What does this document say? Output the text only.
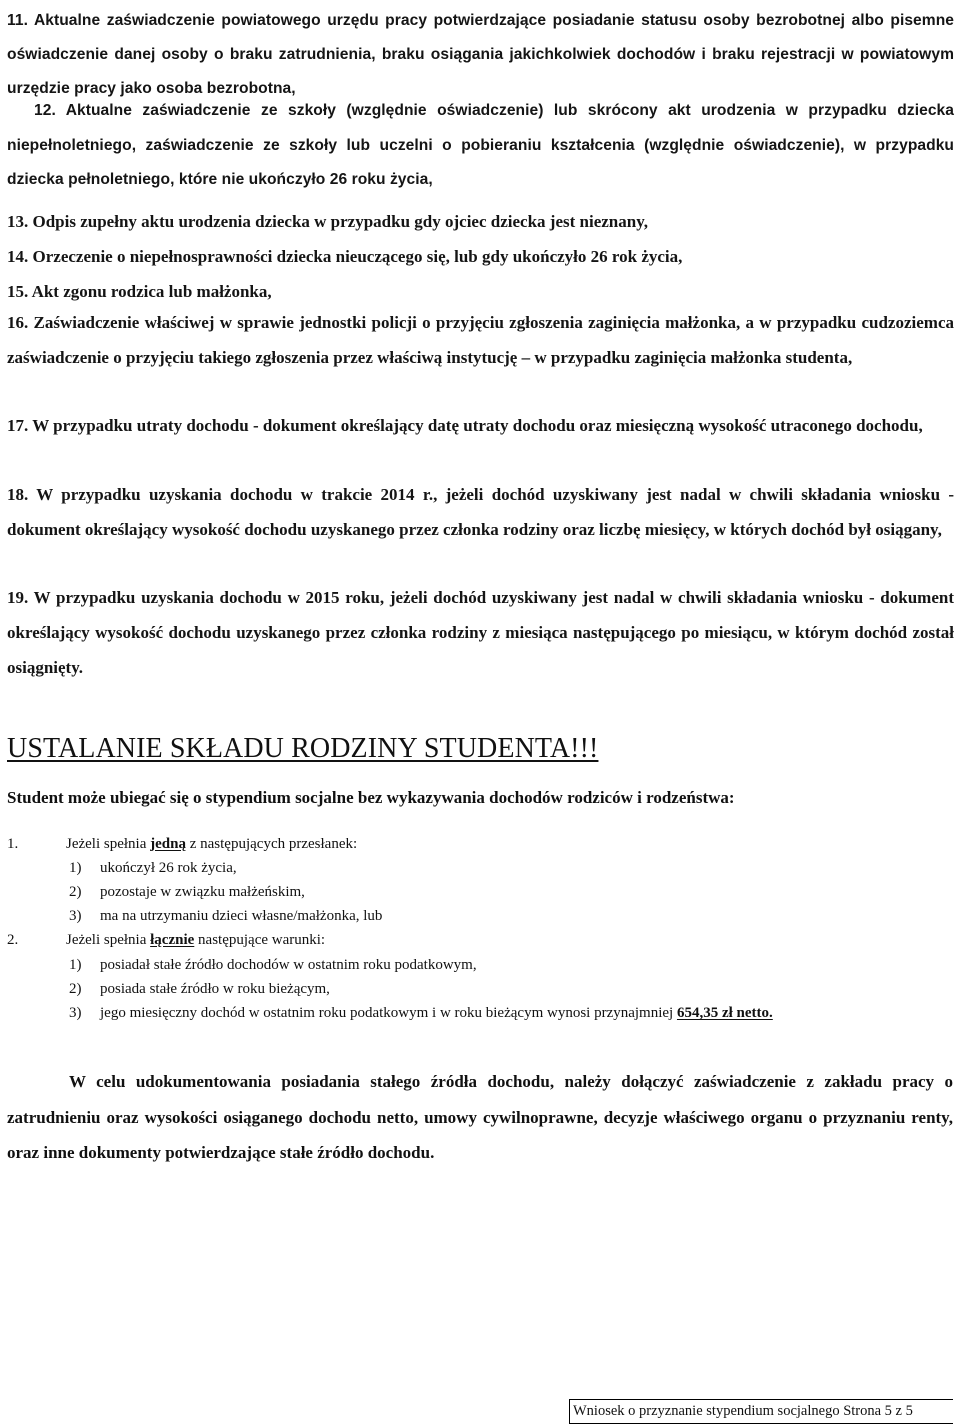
11. Aktualne zaświadczenie powiatowego urzędu pracy potwierdzające posiadanie statusu osoby bezrobotnej albo pisemne oświadczenie danej osoby o braku zatrudnienia, braku osiągania jakichkolwiek dochodów i braku rejestracji w powiatowym urzędzie pracy jako osoba bezrobotna,

12. Aktualne zaświadczenie ze szkoły (względnie oświadczenie) lub skrócony akt urodzenia w przypadku dziecka niepełnoletniego, zaświadczenie ze szkoły lub uczelni o pobieraniu kształcenia (względnie oświadczenie), w przypadku dziecka pełnoletniego, które nie ukończyło 26 roku życia,

13. Odpis zupełny aktu urodzenia dziecka w przypadku gdy ojciec dziecka jest nieznany,

14. Orzeczenie o niepełnosprawności dziecka nieuczącego się, lub gdy ukończyło 26 rok życia,

15. Akt zgonu rodzica lub małżonka,

16. Zaświadczenie właściwej w sprawie jednostki policji o przyjęciu zgłoszenia zaginięcia małżonka, a w przypadku cudzoziemca zaświadczenie o przyjęciu takiego zgłoszenia przez właściwą instytucję – w przypadku zaginięcia małżonka studenta,

17. W przypadku utraty dochodu - dokument określający datę utraty dochodu oraz miesięczną wysokość utraconego dochodu,

18. W przypadku uzyskania dochodu w trakcie 2014 r., jeżeli dochód uzyskiwany jest nadal w chwili składania wniosku - dokument określający wysokość dochodu uzyskanego przez członka rodziny oraz liczbę miesięcy, w których dochód był osiągany,

19. W przypadku uzyskania dochodu w 2015 roku, jeżeli dochód uzyskiwany jest nadal w chwili składania wniosku - dokument określający wysokość dochodu uzyskanego przez członka rodziny z miesiąca następującego po miesiącu, w którym dochód został osiągnięty.

USTALANIE SKŁADU RODZINY STUDENTA!!!

Student może ubiegać się o stypendium socjalne bez wykazywania dochodów rodziców i rodzeństwa:

1.	Jeżeli spełnia jedną z następujących przesłanek:
1) ukończył 26 rok życia,
2) pozostaje w związku małżeńskim,
3) ma na utrzymaniu dzieci własne/małżonka, lub
2.	Jeżeli spełnia łącznie następujące warunki:
1) posiadał stałe źródło dochodów w ostatnim roku podatkowym,
2) posiada stałe źródło w roku bieżącym,
3) jego miesięczny dochód w ostatnim roku podatkowym i w roku bieżącym wynosi przynajmniej 654,35 zł netto.

W celu udokumentowania posiadania stałego źródła dochodu, należy dołączyć zaświadczenie z zakładu pracy o zatrudnieniu oraz wysokości osiąganego dochodu netto, umowy cywilnoprawne, decyzje właściwego organu o przyznaniu renty, oraz inne dokumenty potwierdzające stałe źródło dochodu.

Wniosek o przyznanie stypendium socjalnego Strona 5 z 5
